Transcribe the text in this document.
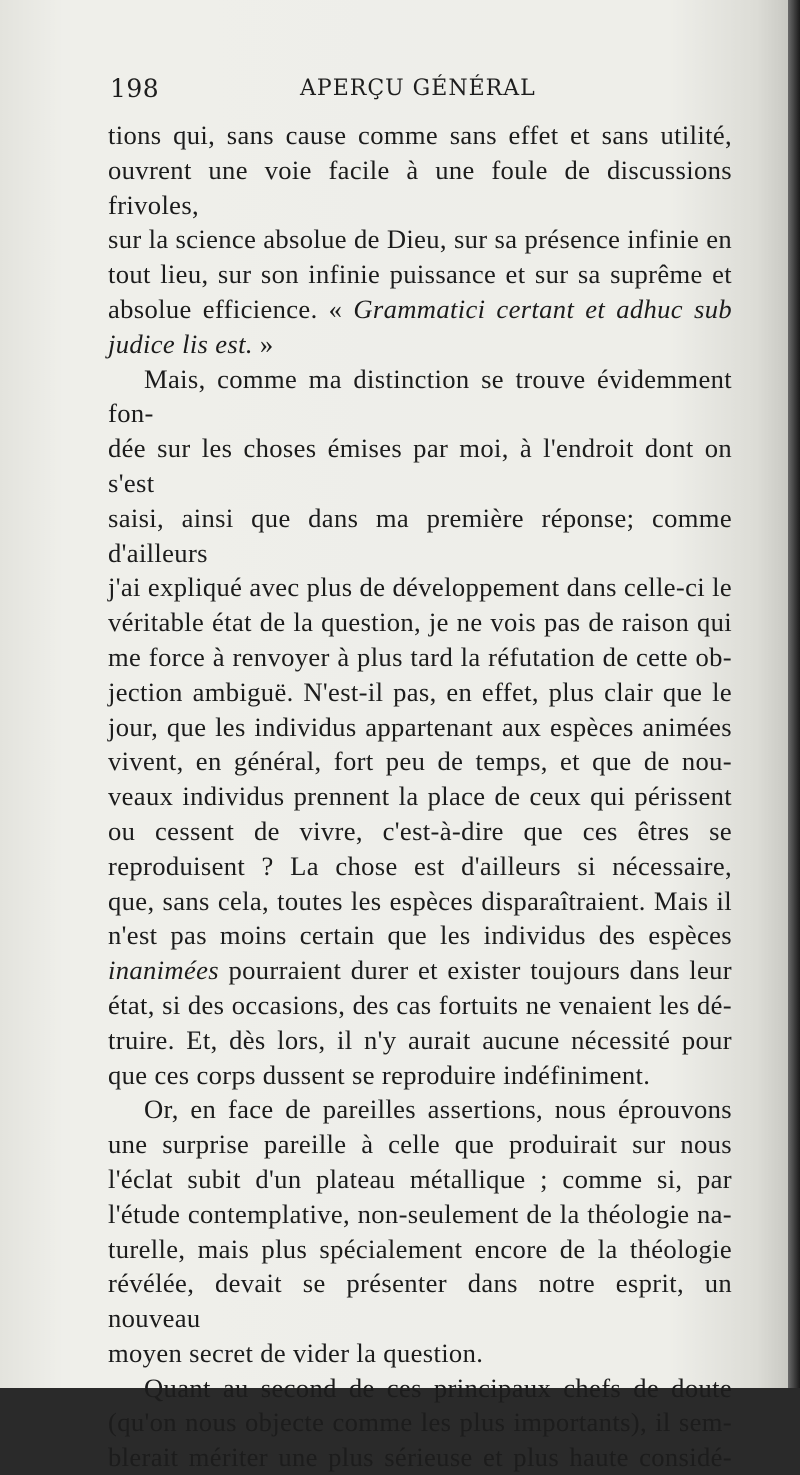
198	APERÇU GÉNÉRAL

tions qui, sans cause comme sans effet et sans utilité,

ouvrent une voie facile à une foule de discussions frivoles,

sur la science absolue de Dieu, sur sa présence infinie en

tout lieu, sur son infinie puissance et sur sa suprême et

absolue efficience. « Grammatici certant et adhuc sub

judice lis est. »

Mais, comme ma distinction se trouve évidemment fon-

dée sur les choses émises par moi, à l'endroit dont on s'est

saisi, ainsi que dans ma première réponse; comme d'ailleurs

j'ai expliqué avec plus de développement dans celle-ci le

véritable état de la question, je ne vois pas de raison qui

me force à renvoyer à plus tard la réfutation de cette ob-

jection ambiguë. N'est-il pas, en effet, plus clair que le

jour, que les individus appartenant aux espèces animées

vivent, en général, fort peu de temps, et que de nou-

veaux individus prennent la place de ceux qui périssent

ou cessent de vivre, c'est-à-dire que ces êtres se

reproduisent ? La chose est d'ailleurs si nécessaire,

que, sans cela, toutes les espèces disparaîtraient. Mais il

n'est pas moins certain que les individus des espèces

inanimées pourraient durer et exister toujours dans leur

état, si des occasions, des cas fortuits ne venaient les dé-

truire. Et, dès lors, il n'y aurait aucune nécessité pour

que ces corps dussent se reproduire indéfiniment.

Or, en face de pareilles assertions, nous éprouvons

une surprise pareille à celle que produirait sur nous

l'éclat subit d'un plateau métallique ; comme si, par

l'étude contemplative, non-seulement de la théologie na-

turelle, mais plus spécialement encore de la théologie

révélée, devait se présenter dans notre esprit, un nouveau

moyen secret de vider la question.

Quant au second de ces principaux chefs de doute

(qu'on nous objecte comme les plus importants), il sem-

blerait mériter une plus sérieuse et plus haute considé-
